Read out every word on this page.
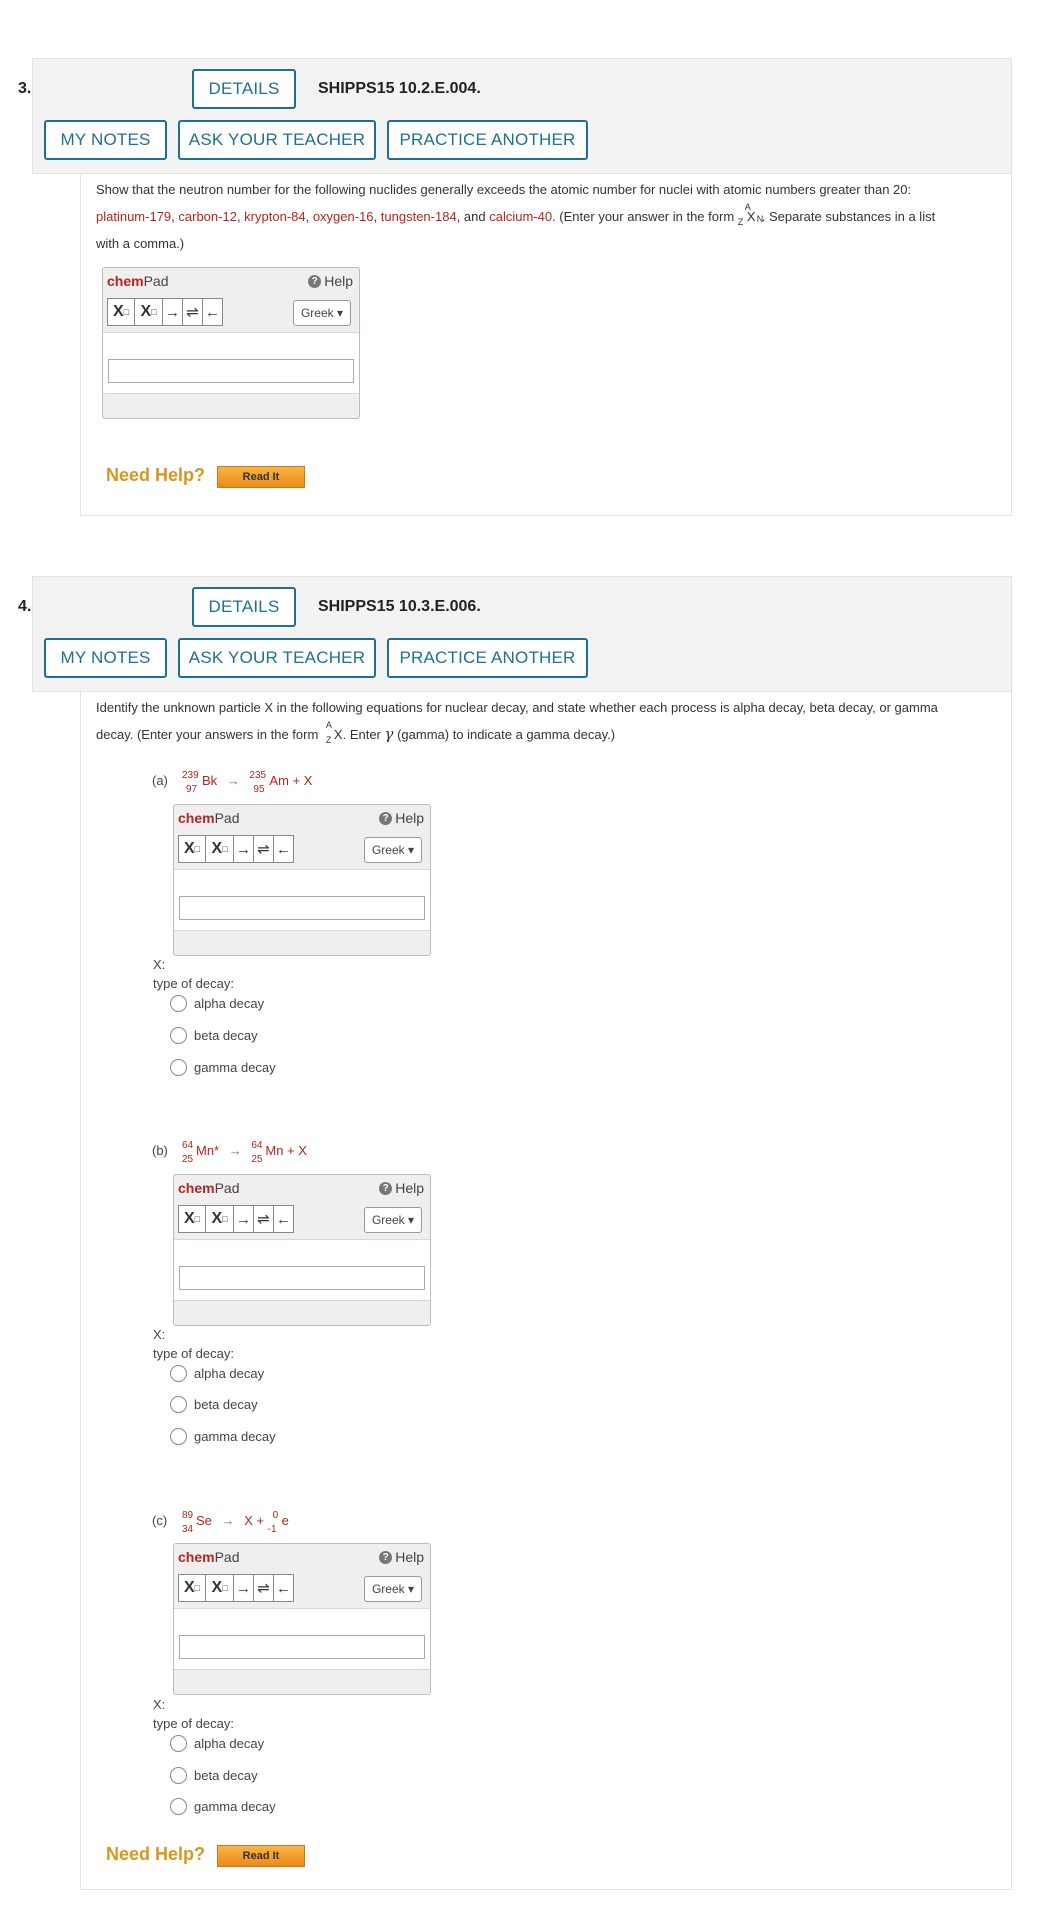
3.	DETAILS	SHIPPS15 10.2.E.004.
MY NOTES	ASK YOUR TEACHER	PRACTICE ANOTHER
Show that the neutron number for the following nuclides generally exceeds the atomic number for nuclei with atomic numbers greater than 20:
platinum-179, carbon-12, krypton-84, oxygen-16, tungsten-184, and calcium-40. (Enter your answer in the form
A
Z X N
. Separate substances in a list
with a comma.)
chemPad	? Help
X □ X □ → ⇌ ←	Greek ▾
Need Help?	Read It
4.	DETAILS	SHIPPS15 10.3.E.006.
MY NOTES	ASK YOUR TEACHER	PRACTICE ANOTHER
Identify the unknown particle X in the following equations for nuclear decay, and state whether each process is alpha decay, beta decay, or gamma
decay. (Enter your answers in the form
A
Z X. Enter γ (gamma) to indicate a gamma decay.)
(a) 239
97
Bk → 235
95
Am + X
chemPad	? Help
X □ X □ → ⇌ ←	Greek ▾
X:
type of decay:
alpha decay
beta decay
gamma decay
(b) 64
25
Mn* → 64
25
Mn + X
chemPad	? Help
X □ X □ → ⇌ ←	Greek ▾
X:
type of decay:
alpha decay
beta decay
gamma decay
(c) 89
34
Se → X + 0
-1
e
chemPad	? Help
X □ X □ → ⇌ ←	Greek ▾
X:
type of decay:
alpha decay
beta decay
gamma decay
Need Help?	Read It
